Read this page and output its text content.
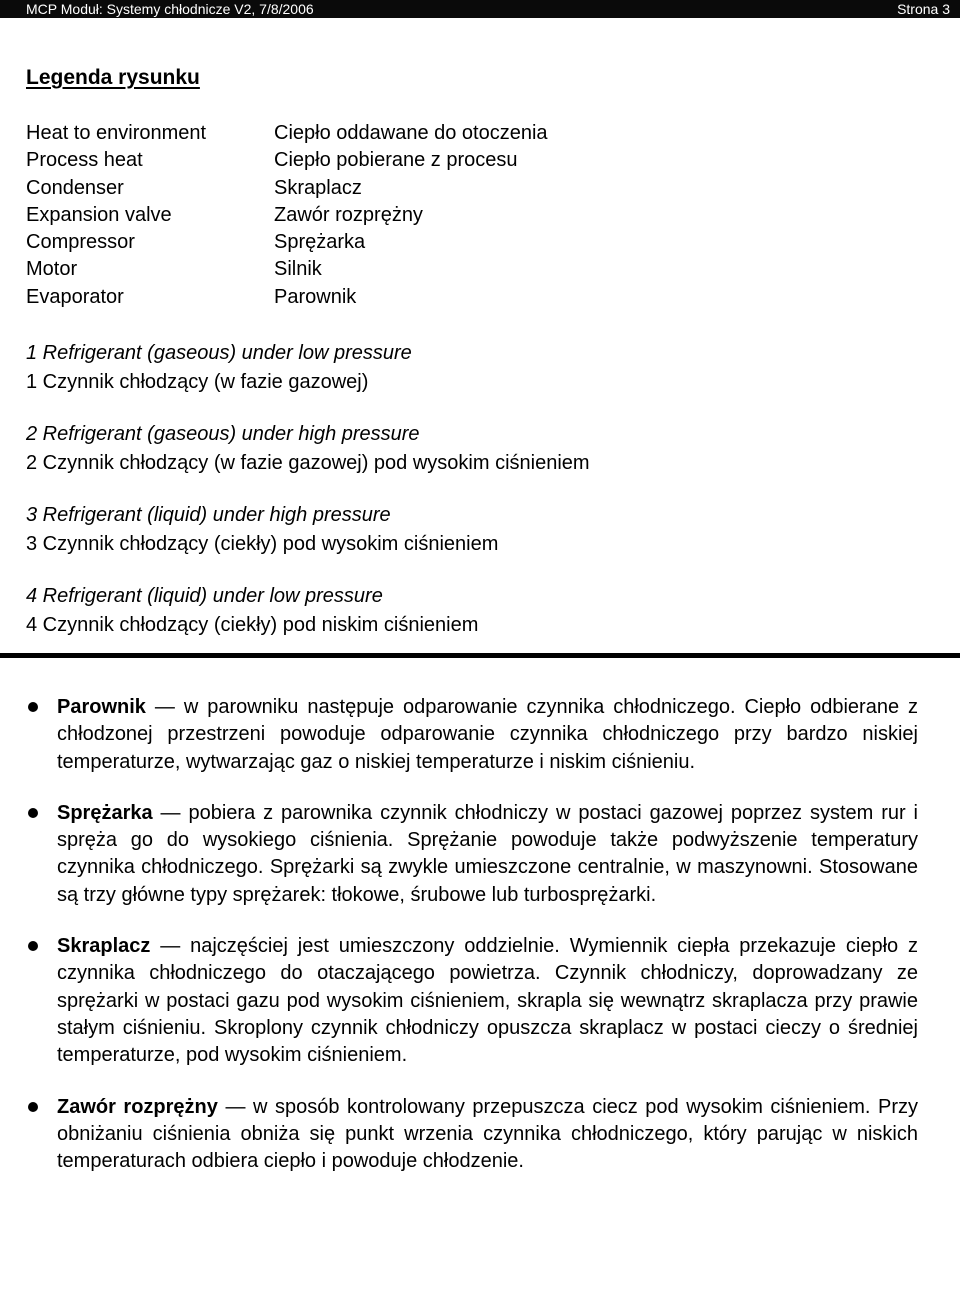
MCP Moduł: Systemy chłodnicze V2, 7/8/2006	Strona 3
Legenda rysunku
Heat to environment	Ciepło oddawane do otoczenia
Process heat	Ciepło pobierane z procesu
Condenser	Skraplacz
Expansion valve	Zawór rozprężny
Compressor	Sprężarka
Motor	Silnik
Evaporator	Parownik
1 Refrigerant (gaseous) under low pressure
1 Czynnik chłodzący (w fazie gazowej)
2 Refrigerant (gaseous) under high pressure
2 Czynnik chłodzący (w fazie gazowej) pod wysokim ciśnieniem
3 Refrigerant (liquid) under high pressure
3 Czynnik chłodzący (ciekły) pod wysokim ciśnieniem
4 Refrigerant (liquid) under low pressure
4 Czynnik chłodzący (ciekły) pod niskim ciśnieniem
Parownik — w parowniku następuje odparowanie czynnika chłodniczego. Ciepło odbierane z chłodzonej przestrzeni powoduje odparowanie czynnika chłodniczego przy bardzo niskiej temperaturze, wytwarzając gaz o niskiej temperaturze i niskim ciśnieniu.
Sprężarka — pobiera z parownika czynnik chłodniczy w postaci gazowej poprzez system rur i spręża go do wysokiego ciśnienia. Sprężanie powoduje także podwyższenie temperatury czynnika chłodniczego. Sprężarki są zwykle umieszczone centralnie, w maszynowni. Stosowane są trzy główne typy sprężarek: tłokowe, śrubowe lub turbosprężarki.
Skraplacz — najczęściej jest umieszczony oddzielnie. Wymiennik ciepła przekazuje ciepło z czynnika chłodniczego do otaczającego powietrza. Czynnik chłodniczy, doprowadzany ze sprężarki w postaci gazu pod wysokim ciśnieniem, skrapla się wewnątrz skraplacza przy prawie stałym ciśnieniu. Skroplony czynnik chłodniczy opuszcza skraplacz w postaci cieczy o średniej temperaturze, pod wysokim ciśnieniem.
Zawór rozprężny — w sposób kontrolowany przepuszcza ciecz pod wysokim ciśnieniem. Przy obniżaniu ciśnienia obniża się punkt wrzenia czynnika chłodniczego, który parując w niskich temperaturach odbiera ciepło i powoduje chłodzenie.
